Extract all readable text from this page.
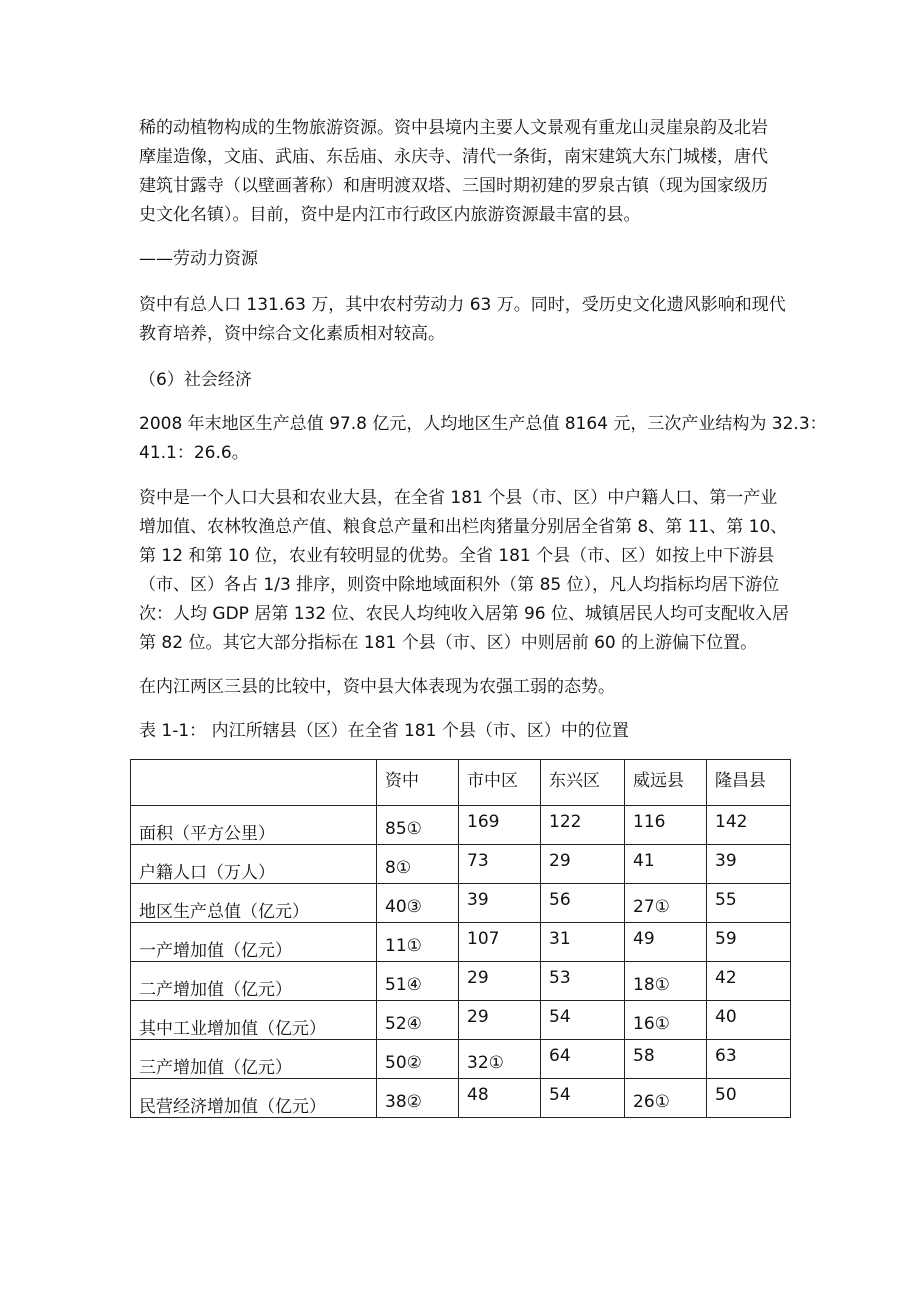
稀的动植物构成的生物旅游资源。资中县境内主要人文景观有重龙山灵崖泉韵及北岩
摩崖造像，文庙、武庙、东岳庙、永庆寺、清代一条街，南宋建筑大东门城楼，唐代
建筑甘露寺（以壁画著称）和唐明渡双塔、三国时期初建的罗泉古镇（现为国家级历
史文化名镇）。目前，资中是内江市行政区内旅游资源最丰富的县。

——劳动力资源

资中有总人口 131.63 万，其中农村劳动力 63 万。同时，受历史文化遗风影响和现代
教育培养，资中综合文化素质相对较高。

（6）社会经济

2008 年末地区生产总值 97.8 亿元，人均地区生产总值 8164 元，三次产业结构为 32.3：
41.1：26.6。

资中是一个人口大县和农业大县，在全省 181 个县（市、区）中户籍人口、第一产业
增加值、农林牧渔总产值、粮食总产量和出栏肉猪量分别居全省第 8、第 11、第 10、
第 12 和第 10 位，农业有较明显的优势。全省 181 个县（市、区）如按上中下游县
（市、区）各占 1/3 排序，则资中除地域面积外（第 85 位），凡人均指标均居下游位
次：人均 GDP 居第 132 位、农民人均纯收入居第 96 位、城镇居民人均可支配收入居
第 82 位。其它大部分指标在 181 个县（市、区）中则居前 60 的上游偏下位置。

在内江两区三县的比较中，资中县大体表现为农强工弱的态势。

表 1-1： 内江所辖县（区）在全省 181 个县（市、区）中的位置

	资中	市中区	东兴区	威远县	隆昌县
面积（平方公里）	85①	169	122	116	142
户籍人口（万人）	8①	73	29	41	39
地区生产总值（亿元）	40③	39	56	27①	55
一产增加值（亿元）	11①	107	31	49	59
二产增加值（亿元）	51④	29	53	18①	42
其中工业增加值（亿元）	52④	29	54	16①	40
三产增加值（亿元）	50②	32①	64	58	63
民营经济增加值（亿元）	38②	48	54	26①	50
